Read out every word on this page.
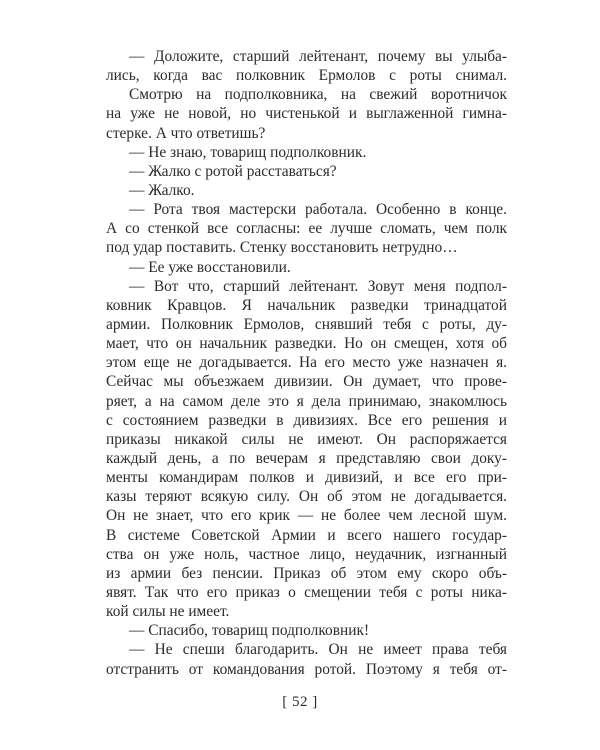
— Доложите, старший лейтенант, почему вы улыба-
лись, когда вас полковник Ермолов с роты снимал.
Смотрю на подполковника, на свежий воротничок
на уже не новой, но чистенькой и выглаженной гимна-
стерке. А что ответишь?
— Не знаю, товарищ подполковник.
— Жалко с ротой расставаться?
— Жалко.
— Рота твоя мастерски работала. Особенно в конце.
А со стенкой все согласны: ее лучше сломать, чем полк
под удар поставить. Стенку восстановить нетрудно…
— Ее уже восстановили.
— Вот что, старший лейтенант. Зовут меня подпол-
ковник Кравцов. Я начальник разведки тринадцатой
армии. Полковник Ермолов, снявший тебя с роты, ду-
мает, что он начальник разведки. Но он смещен, хотя об
этом еще не догадывается. На его место уже назначен я.
Сейчас мы объезжаем дивизии. Он думает, что прове-
ряет, а на самом деле это я дела принимаю, знакомлюсь
с состоянием разведки в дивизиях. Все его решения и
приказы никакой силы не имеют. Он распоряжается
каждый день, а по вечерам я представляю свои доку-
менты командирам полков и дивизий, и все его при-
казы теряют всякую силу. Он об этом не догадывается.
Он не знает, что его крик — не более чем лесной шум.
В системе Советской Армии и всего нашего государ-
ства он уже ноль, частное лицо, неудачник, изгнанный
из армии без пенсии. Приказ об этом ему скоро объ-
явят. Так что его приказ о смещении тебя с роты ника-
кой силы не имеет.
— Спасибо, товарищ подполковник!
— Не спеши благодарить. Он не имеет права тебя
отстранить от командования ротой. Поэтому я тебя от-
[ 52 ]
